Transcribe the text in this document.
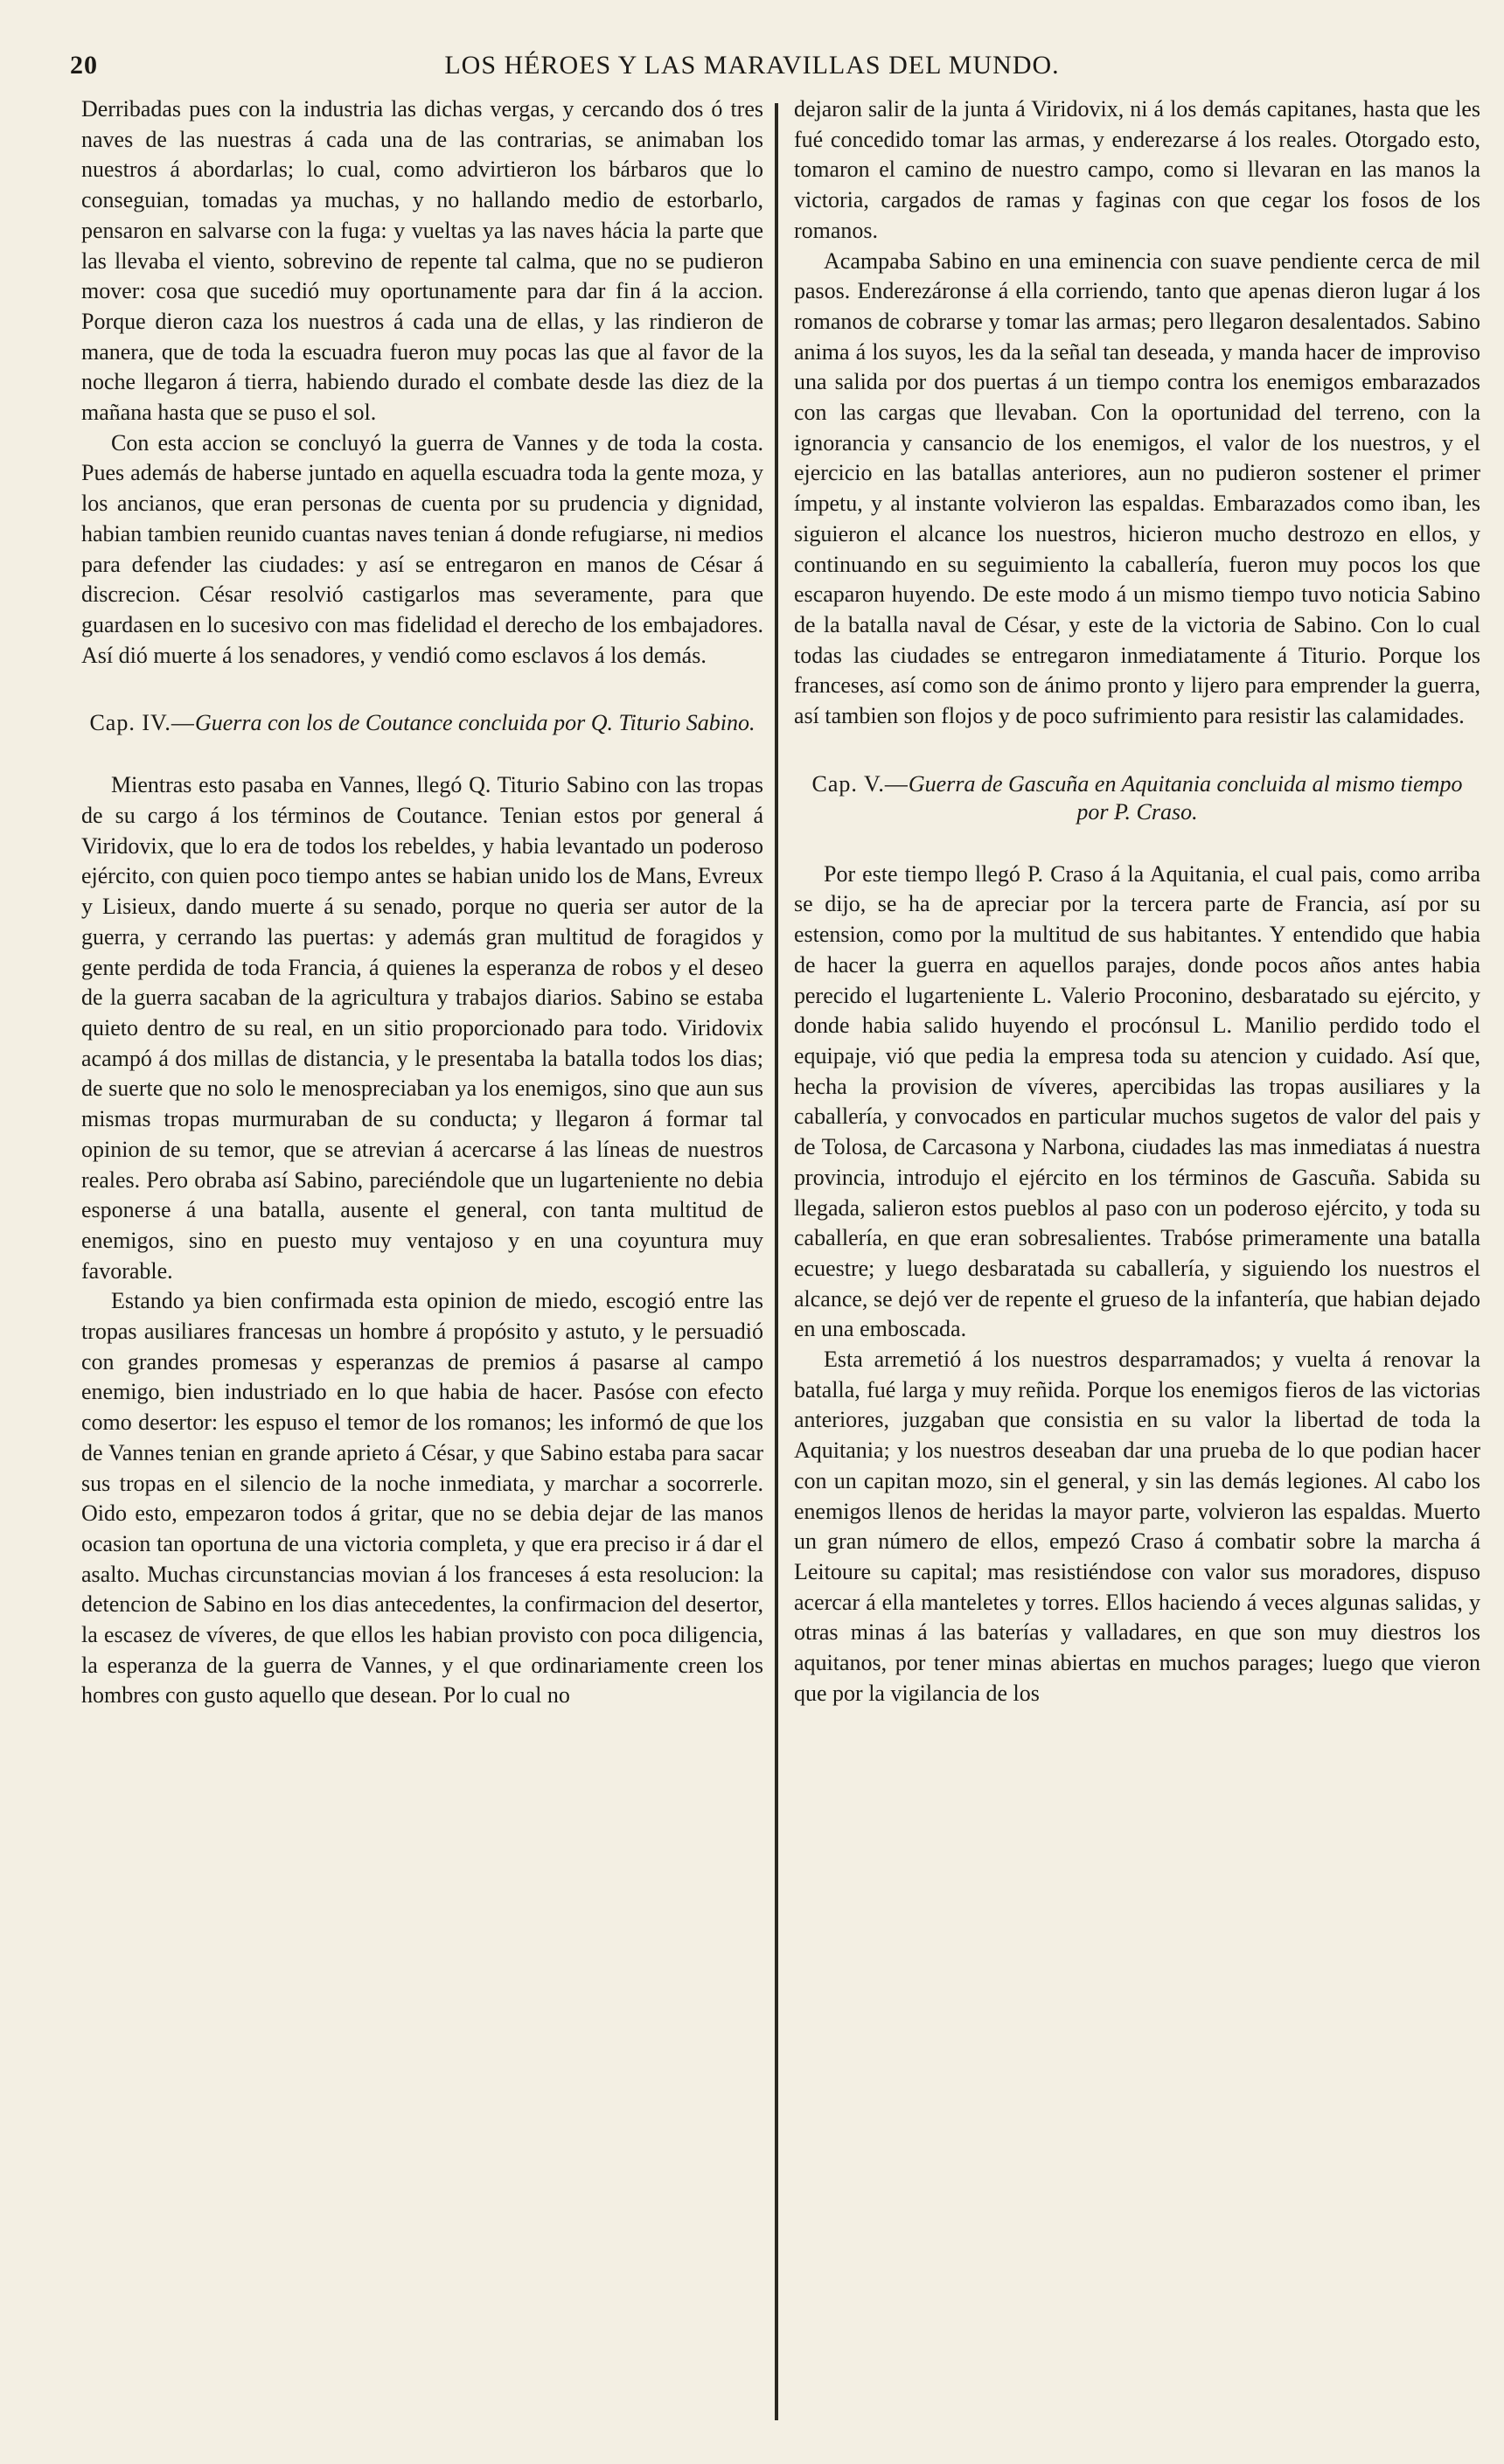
20	LOS HÉROES Y LAS MARAVILLAS DEL MUNDO.

Derribadas pues con la industria las dichas vergas, y cercando dos ó tres naves de las nuestras á cada una de las contrarias, se animaban los nuestros á abordarlas; lo cual, como advirtieron los bárbaros que lo conseguian, tomadas ya muchas, y no hallando medio de estorbarlo, pensaron en salvarse con la fuga: y vueltas ya las naves hácia la parte que las llevaba el viento, sobrevino de repente tal calma, que no se pudieron mover: cosa que sucedió muy oportunamente para dar fin á la accion. Porque dieron caza los nuestros á cada una de ellas, y las rindieron de manera, que de toda la escuadra fueron muy pocas las que al favor de la noche llegaron á tierra, habiendo durado el combate desde las diez de la mañana hasta que se puso el sol.

Con esta accion se concluyó la guerra de Vannes y de toda la costa. Pues además de haberse juntado en aquella escuadra toda la gente moza, y los ancianos, que eran personas de cuenta por su prudencia y dignidad, habian tambien reunido cuantas naves tenian á donde refugiarse, ni medios para defender las ciudades: y así se entregaron en manos de César á discrecion. César resolvió castigarlos mas severamente, para que guardasen en lo sucesivo con mas fidelidad el derecho de los embajadores. Así dió muerte á los senadores, y vendió como esclavos á los demás.

Cap. IV.—Guerra con los de Coutance concluida por Q. Titurio Sabino.

Mientras esto pasaba en Vannes, llegó Q. Titurio Sabino con las tropas de su cargo á los términos de Coutance. Tenian estos por general á Viridovix, que lo era de todos los rebeldes, y habia levantado un poderoso ejército, con quien poco tiempo antes se habian unido los de Mans, Evreux y Lisieux, dando muerte á su senado, porque no queria ser autor de la guerra, y cerrando las puertas: y además gran multitud de foragidos y gente perdida de toda Francia, á quienes la esperanza de robos y el deseo de la guerra sacaban de la agricultura y trabajos diarios. Sabino se estaba quieto dentro de su real, en un sitio proporcionado para todo. Viridovix acampó á dos millas de distancia, y le presentaba la batalla todos los dias; de suerte que no solo le menospreciaban ya los enemigos, sino que aun sus mismas tropas murmuraban de su conducta; y llegaron á formar tal opinion de su temor, que se atrevian á acercarse á las líneas de nuestros reales. Pero obraba así Sabino, pareciéndole que un lugarteniente no debia esponerse á una batalla, ausente el general, con tanta multitud de enemigos, sino en puesto muy ventajoso y en una coyuntura muy favorable.

Estando ya bien confirmada esta opinion de miedo, escogió entre las tropas ausiliares francesas un hombre á propósito y astuto, y le persuadió con grandes promesas y esperanzas de premios á pasarse al campo enemigo, bien industriado en lo que habia de hacer. Pasóse con efecto como desertor: les espuso el temor de los romanos; les informó de que los de Vannes tenian en grande aprieto á César, y que Sabino estaba para sacar sus tropas en el silencio de la noche inmediata, y marchar a socorrerle. Oido esto, empezaron todos á gritar, que no se debia dejar de las manos ocasion tan oportuna de una victoria completa, y que era preciso ir á dar el asalto. Muchas circunstancias movian á los franceses á esta resolucion: la detencion de Sabino en los dias antecedentes, la confirmacion del desertor, la escasez de víveres, de que ellos les habian provisto con poca diligencia, la esperanza de la guerra de Vannes, y el que ordinariamente creen los hombres con gusto aquello que desean. Por lo cual no

dejaron salir de la junta á Viridovix, ni á los demás capitanes, hasta que les fué concedido tomar las armas, y enderezarse á los reales. Otorgado esto, tomaron el camino de nuestro campo, como si llevaran en las manos la victoria, cargados de ramas y faginas con que cegar los fosos de los romanos.

Acampaba Sabino en una eminencia con suave pendiente cerca de mil pasos. Enderezáronse á ella corriendo, tanto que apenas dieron lugar á los romanos de cobrarse y tomar las armas; pero llegaron desalentados. Sabino anima á los suyos, les da la señal tan deseada, y manda hacer de improviso una salida por dos puertas á un tiempo contra los enemigos embarazados con las cargas que llevaban. Con la oportunidad del terreno, con la ignorancia y cansancio de los enemigos, el valor de los nuestros, y el ejercicio en las batallas anteriores, aun no pudieron sostener el primer ímpetu, y al instante volvieron las espaldas. Embarazados como iban, les siguieron el alcance los nuestros, hicieron mucho destrozo en ellos, y continuando en su seguimiento la caballería, fueron muy pocos los que escaparon huyendo. De este modo á un mismo tiempo tuvo noticia Sabino de la batalla naval de César, y este de la victoria de Sabino. Con lo cual todas las ciudades se entregaron inmediatamente á Titurio. Porque los franceses, así como son de ánimo pronto y lijero para emprender la guerra, así tambien son flojos y de poco sufrimiento para resistir las calamidades.

Cap. V.—Guerra de Gascuña en Aquitania concluida al mismo tiempo por P. Craso.

Por este tiempo llegó P. Craso á la Aquitania, el cual pais, como arriba se dijo, se ha de apreciar por la tercera parte de Francia, así por su estension, como por la multitud de sus habitantes. Y entendido que habia de hacer la guerra en aquellos parajes, donde pocos años antes habia perecido el lugarteniente L. Valerio Proconino, desbaratado su ejército, y donde habia salido huyendo el procónsul L. Manilio perdido todo el equipaje, vió que pedia la empresa toda su atencion y cuidado. Así que, hecha la provision de víveres, apercibidas las tropas ausiliares y la caballería, y convocados en particular muchos sugetos de valor del pais y de Tolosa, de Carcasona y Narbona, ciudades las mas inmediatas á nuestra provincia, introdujo el ejército en los términos de Gascuña. Sabida su llegada, salieron estos pueblos al paso con un poderoso ejército, y toda su caballería, en que eran sobresalientes. Trabóse primeramente una batalla ecuestre; y luego desbaratada su caballería, y siguiendo los nuestros el alcance, se dejó ver de repente el grueso de la infantería, que habian dejado en una emboscada.

Esta arremetió á los nuestros desparramados; y vuelta á renovar la batalla, fué larga y muy reñida. Porque los enemigos fieros de las victorias anteriores, juzgaban que consistia en su valor la libertad de toda la Aquitania; y los nuestros deseaban dar una prueba de lo que podian hacer con un capitan mozo, sin el general, y sin las demás legiones. Al cabo los enemigos llenos de heridas la mayor parte, volvieron las espaldas. Muerto un gran número de ellos, empezó Craso á combatir sobre la marcha á Leitoure su capital; mas resistiéndose con valor sus moradores, dispuso acercar á ella manteletes y torres. Ellos haciendo á veces algunas salidas, y otras minas á las baterías y valladares, en que son muy diestros los aquitanos, por tener minas abiertas en muchos parages; luego que vieron que por la vigilancia de los
